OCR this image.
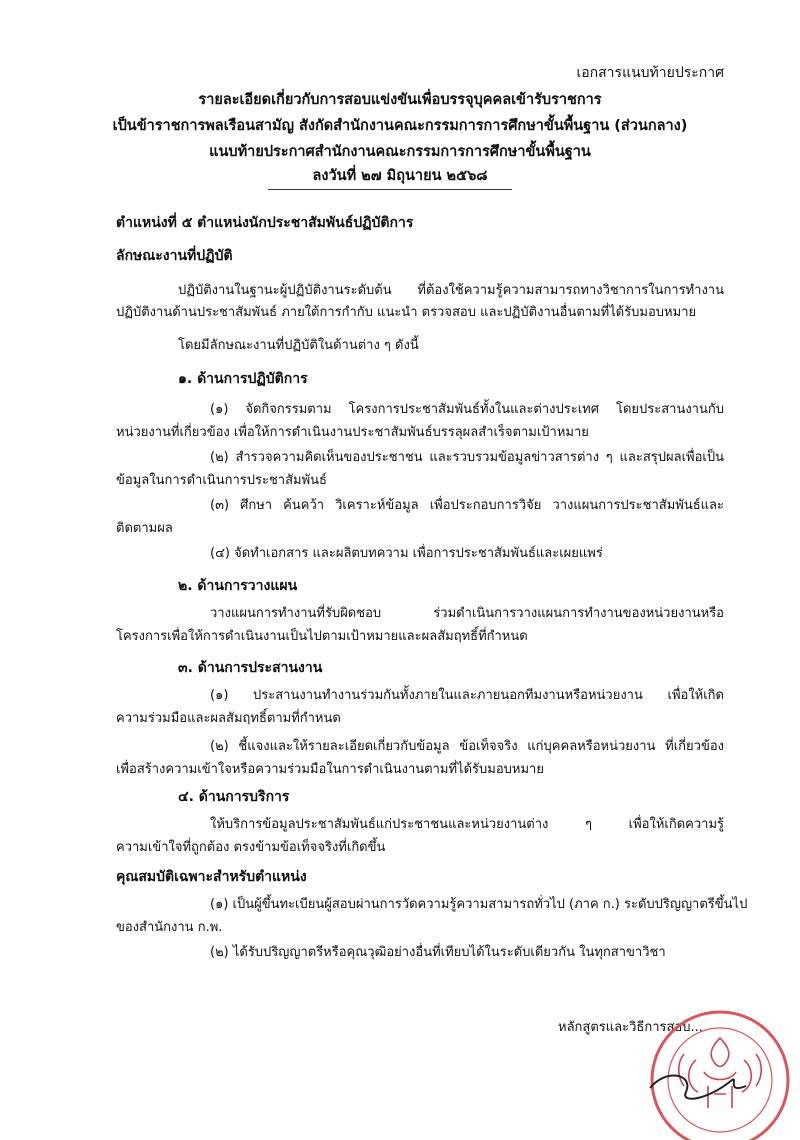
เอกสารแนบท้ายประกาศ
รายละเอียดเกี่ยวกับการสอบแข่งขันเพื่อบรรจุบุคคลเข้ารับราชการ
เป็นข้าราชการพลเรือนสามัญ สังกัดสำนักงานคณะกรรมการการศึกษาขั้นพื้นฐาน (ส่วนกลาง)
แนบท้ายประกาศสำนักงานคณะกรรมการการศึกษาขั้นพื้นฐาน
ลงวันที่ ๒๗ มิถุนายน ๒๕๖๘
ตำแหน่งที่ ๕ ตำแหน่งนักประชาสัมพันธ์ปฏิบัติการ
ลักษณะงานที่ปฏิบัติ
ปฏิบัติงานในฐานะผู้ปฏิบัติงานระดับต้น ที่ต้องใช้ความรู้ความสามารถทางวิชาการในการทำงาน
ปฏิบัติงานด้านประชาสัมพันธ์ ภายใต้การกำกับ แนะนำ ตรวจสอบ และปฏิบัติงานอื่นตามที่ได้รับมอบหมาย
โดยมีลักษณะงานที่ปฏิบัติในด้านต่าง ๆ ดังนี้
๑. ด้านการปฏิบัติการ
(๑) จัดกิจกรรมตาม โครงการประชาสัมพันธ์ทั้งในและต่างประเทศ โดยประสานงานกับ
หน่วยงานที่เกี่ยวข้อง เพื่อให้การดำเนินงานประชาสัมพันธ์บรรลุผลสำเร็จตามเป้าหมาย
(๒) สำรวจความคิดเห็นของประชาชน และรวบรวมข้อมูลข่าวสารต่าง ๆ และสรุปผลเพื่อเป็น
ข้อมูลในการดำเนินการประชาสัมพันธ์
(๓) ศึกษา ค้นคว้า วิเคราะห์ข้อมูล เพื่อประกอบการวิจัย วางแผนการประชาสัมพันธ์และ
ติดตามผล
(๔) จัดทำเอกสาร และผลิตบทความ เพื่อการประชาสัมพันธ์และเผยแพร่
๒. ด้านการวางแผน
วางแผนการทำงานที่รับผิดชอบ ร่วมดำเนินการวางแผนการทำงานของหน่วยงานหรือ
โครงการเพื่อให้การดำเนินงานเป็นไปตามเป้าหมายและผลสัมฤทธิ์ที่กำหนด
๓. ด้านการประสานงาน
(๑) ประสานงานทำงานร่วมกันทั้งภายในและภายนอกทีมงานหรือหน่วยงาน เพื่อให้เกิด
ความร่วมมือและผลสัมฤทธิ์ตามที่กำหนด
(๒) ชี้แจงและให้รายละเอียดเกี่ยวกับข้อมูล ข้อเท็จจริง แก่บุคคลหรือหน่วยงาน ที่เกี่ยวข้อง
เพื่อสร้างความเข้าใจหรือความร่วมมือในการดำเนินงานตามที่ได้รับมอบหมาย
๔. ด้านการบริการ
ให้บริการข้อมูลประชาสัมพันธ์แก่ประชาชนและหน่วยงานต่าง ๆ เพื่อให้เกิดความรู้
ความเข้าใจที่ถูกต้อง ตรงข้ามข้อเท็จจริงที่เกิดขึ้น
คุณสมบัติเฉพาะสำหรับตำแหน่ง
(๑) เป็นผู้ขึ้นทะเบียนผู้สอบผ่านการวัดความรู้ความสามารถทั่วไป (ภาค ก.) ระดับปริญญาตรีขึ้นไป
ของสำนักงาน ก.พ.
(๒) ได้รับปริญญาตรีหรือคุณวุฒิอย่างอื่นที่เทียบได้ในระดับเดียวกัน ในทุกสาขาวิชา
หลักสูตรและวิธีการสอบ...
